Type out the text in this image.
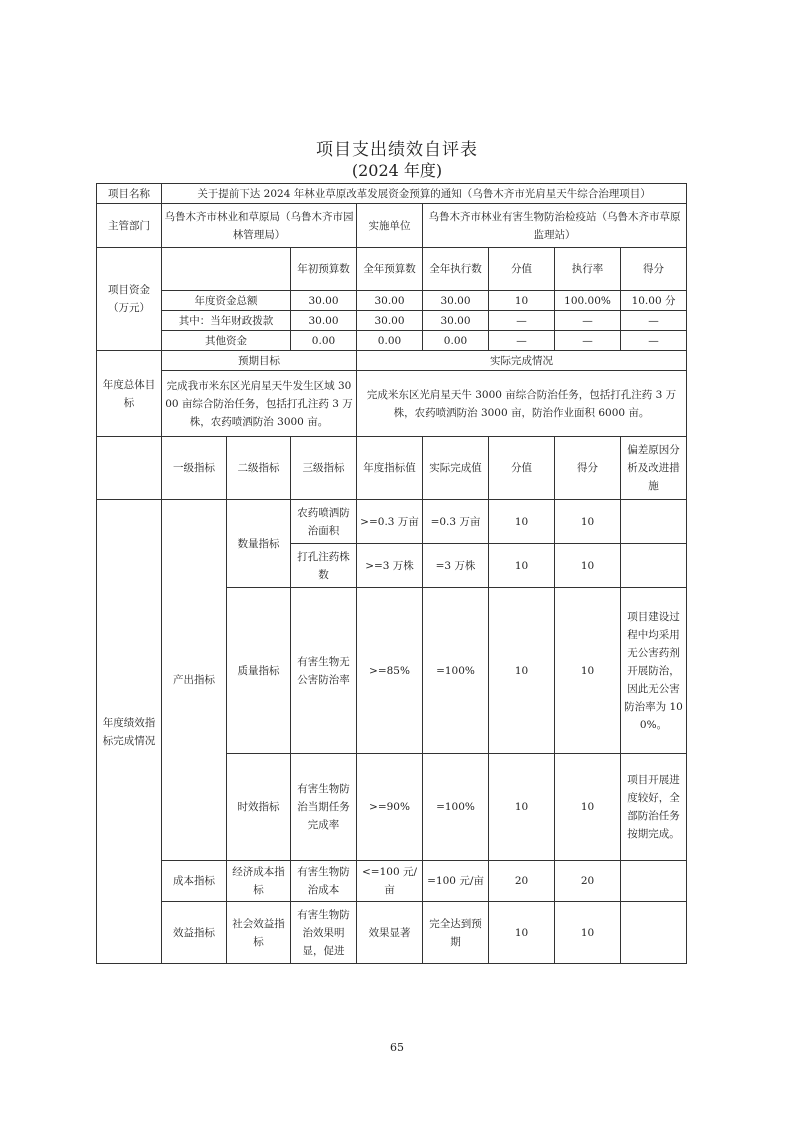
项目支出绩效自评表
(2024 年度)
项目名称	关于提前下达 2024 年林业草原改革发展资金预算的通知（乌鲁木齐市光肩星天牛综合治理项目）							
主管部门	乌鲁木齐市林业和草原局（乌鲁木齐市园林管理局）			实施单位	乌鲁木齐市林业有害生物防治检疫站（乌鲁木齐市草原监理站）			
项目资金（万元）			年初预算数	全年预算数	全年执行数	分值	执行率	得分
	年度资金总额		30.00	30.00	30.00	10	100.00%	10.00 分
	其中：当年财政拨款		30.00	30.00	30.00	—	—	—
	其他资金		0.00	0.00	0.00	—	—	—
年度总体目标	预期目标			实际完成情况				
	完成我市米东区光肩星天牛发生区域 3000 亩综合防治任务，包括打孔注药 3 万株，农药喷洒防治 3000 亩。			完成米东区光肩星天牛 3000 亩综合防治任务，包括打孔注药 3 万株，农药喷洒防治 3000 亩，防治作业面积 6000 亩。				
	一级指标	二级指标	三级指标	年度指标值	实际完成值	分值	得分	偏差原因分析及改进措施
年度绩效指标完成情况	产出指标	数量指标	农药喷洒防治面积	>=0.3 万亩	=0.3 万亩	10	10	
			打孔注药株数	>=3 万株	=3 万株	10	10	
		质量指标	有害生物无公害防治率	>=85%	=100%	10	10	项目建设过程中均采用无公害药剂开展防治，因此无公害防治率为 100%。
		时效指标	有害生物防治当期任务完成率	>=90%	=100%	10	10	项目开展进度较好，全部防治任务按期完成。
	成本指标	经济成本指标	有害生物防治成本	<=100 元/亩	=100 元/亩	20	20	
	效益指标	社会效益指标	有害生物防治效果明显，促进	效果显著	完全达到预期	10	10	
65
